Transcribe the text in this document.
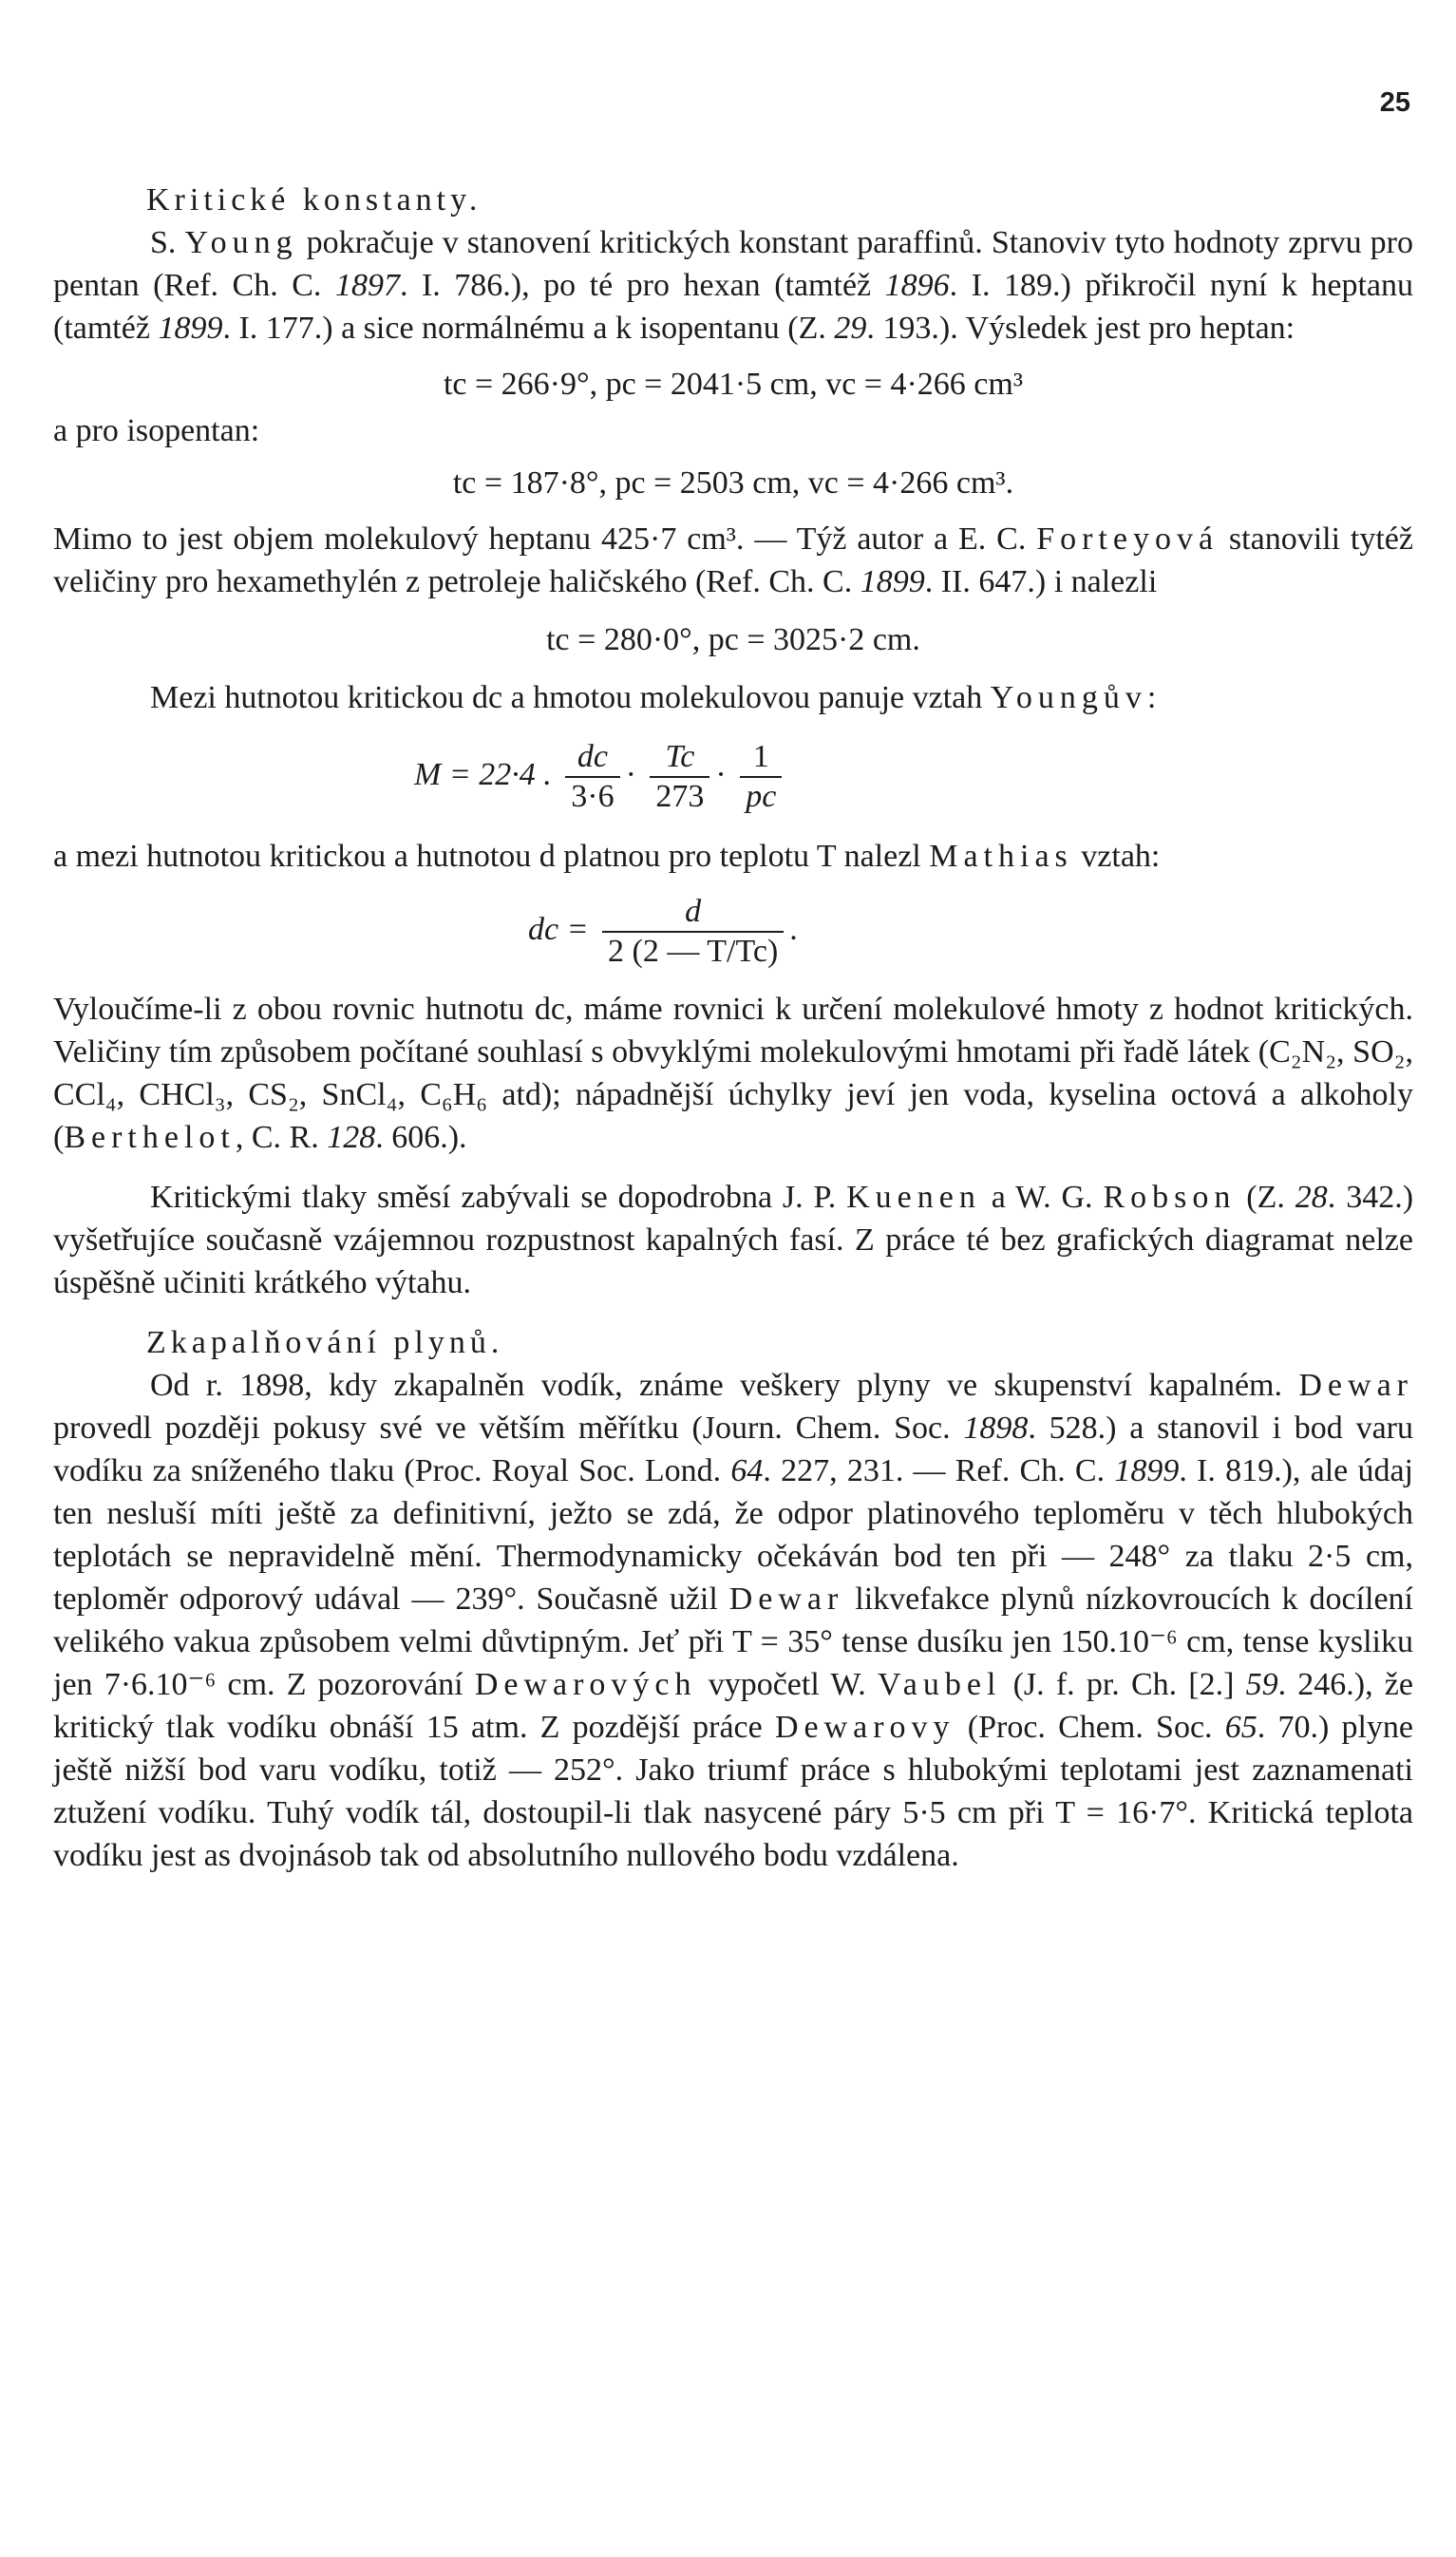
25

Kritické konstanty.

S. Young pokračuje v stanovení kritických konstant paraffinů. Stanoviv tyto hodnoty zprvu pro pentan (Ref. Ch. C. 1897. I. 786.), po té pro hexan (tamtéž 1896. I. 189.) přikročil nyní k heptanu (tamtéž 1899. I. 177.) a sice normálnému a k isopentanu (Z. 29. 193.). Výsledek jest pro heptan:

tc = 266·9°, pc = 2041·5 cm, vc = 4·266 cm³

a pro isopentan:

tc = 187·8°, pc = 2503 cm, vc = 4·266 cm³.

Mimo to jest objem molekulový heptanu 425·7 cm³. — Týž autor a E. C. Forteyová stanovili tytéž veličiny pro hexamethylén z petroleje haličského (Ref. Ch. C. 1899. II. 647.) i nalezli

tc = 280·0°, pc = 3025·2 cm.

Mezi hutnotou kritickou dc a hmotou molekulovou panuje vztah Youngův:

M = 22·4 . $\frac{dc}{3\cdot 6} \cdot \frac{Tc}{273} \cdot \frac{1}{pc}$

a mezi hutnotou kritickou a hutnotou d platnou pro teplotu T nalezl Mathias vztah:

dc = $\frac{d}{2 (2 — T/Tc)}$ .

Vyloučíme-li z obou rovnic hutnotu dc, máme rovnici k určení molekulové hmoty z hodnot kritických. Veličiny tím způsobem počítané souhlasí s obvyklými molekulovými hmotami při řadě látek (C₂N₂, SO₂, CCl₄, CHCl₃, CS₂, SnCl₄, C₆H₆ atd); nápadnější úchylky jeví jen voda, kyselina octová a alkoholy (Berthelot, C. R. 128. 606.).

Kritickými tlaky směsí zabývali se dopodrobna J. P. Kuenen a W. G. Robson (Z. 28. 342.) vyšetřujíce současně vzájemnou rozpustnost kapalných fasí. Z práce té bez grafických diagramat nelze úspěšně učiniti krátkého výtahu.

Zkapalňování plynů.

Od r. 1898, kdy zkapalněn vodík, známe veškery plyny ve skupenství kapalném. Dewar provedl později pokusy své ve větším měřítku (Journ. Chem. Soc. 1898. 528.) a stanovil i bod varu vodíku za sníženého tlaku (Proc. Royal Soc. Lond. 64. 227, 231. — Ref. Ch. C. 1899. I. 819.), ale údaj ten nesluší míti ještě za definitivní, ježto se zdá, že odpor platinového teploměru v těch hlubokých teplotách se nepravidelně mění. Thermodynamicky očekáván bod ten při — 248° za tlaku 2·5 cm, teploměr odporový udával — 239°. Současně užil Dewar likvefakce plynů nízkovroucích k docílení velikého vakua způsobem velmi důvtipným. Jeť při T = 35° tense dusíku jen 150.10⁻⁶ cm, tense kysliku jen 7·6.10⁻⁶ cm. Z pozorování Dewarových vypočetl W. Vaubel (J. f. pr. Ch. [2.] 59. 246.), že kritický tlak vodíku obnáší 15 atm. Z pozdější práce Dewarovy (Proc. Chem. Soc. 65. 70.) plyne ještě nižší bod varu vodíku, totiž — 252°. Jako triumf práce s hlubokými teplotami jest zaznamenati ztužení vodíku. Tuhý vodík tál, dostoupil-li tlak nasycené páry 5·5 cm při T = 16·7°. Kritická teplota vodíku jest as dvojnásob tak od absolutního nullového bodu vzdálena.
